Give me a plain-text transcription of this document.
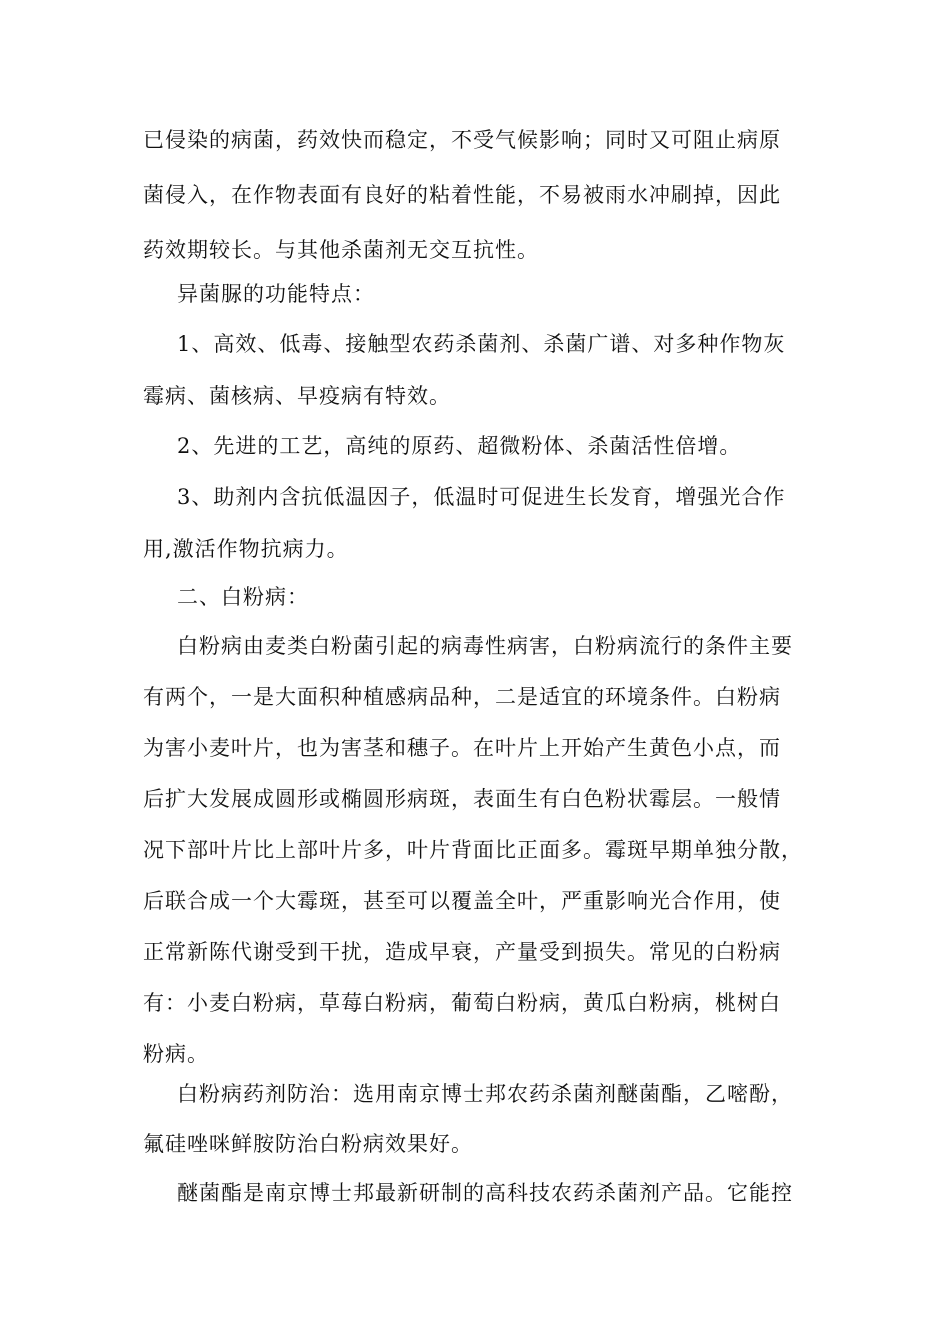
已侵染的病菌，药效快而稳定，不受气候影响；同时又可阻止病原
菌侵入，在作物表面有良好的粘着性能，不易被雨水冲刷掉，因此
药效期较长。与其他杀菌剂无交互抗性。
异菌脲的功能特点：
1、高效、低毒、接触型农药杀菌剂、杀菌广谱、对多种作物灰
霉病、菌核病、早疫病有特效。
2、先进的工艺，高纯的原药、超微粉体、杀菌活性倍增。
3、助剂内含抗低温因子，低温时可促进生长发育，增强光合作
用,激活作物抗病力。
二、白粉病：
白粉病由麦类白粉菌引起的病毒性病害，白粉病流行的条件主要
有两个，一是大面积种植感病品种，二是适宜的环境条件。白粉病
为害小麦叶片，也为害茎和穗子。在叶片上开始产生黄色小点，而
后扩大发展成圆形或椭圆形病斑，表面生有白色粉状霉层。一般情
况下部叶片比上部叶片多，叶片背面比正面多。霉斑早期单独分散，
后联合成一个大霉斑，甚至可以覆盖全叶，严重影响光合作用，使
正常新陈代谢受到干扰，造成早衰，产量受到损失。常见的白粉病
有：小麦白粉病，草莓白粉病，葡萄白粉病，黄瓜白粉病，桃树白
粉病。
白粉病药剂防治：选用南京博士邦农药杀菌剂醚菌酯，乙嘧酚，
氟硅唑咪鲜胺防治白粉病效果好。
醚菌酯是南京博士邦最新研制的高科技农药杀菌剂产品。它能控
